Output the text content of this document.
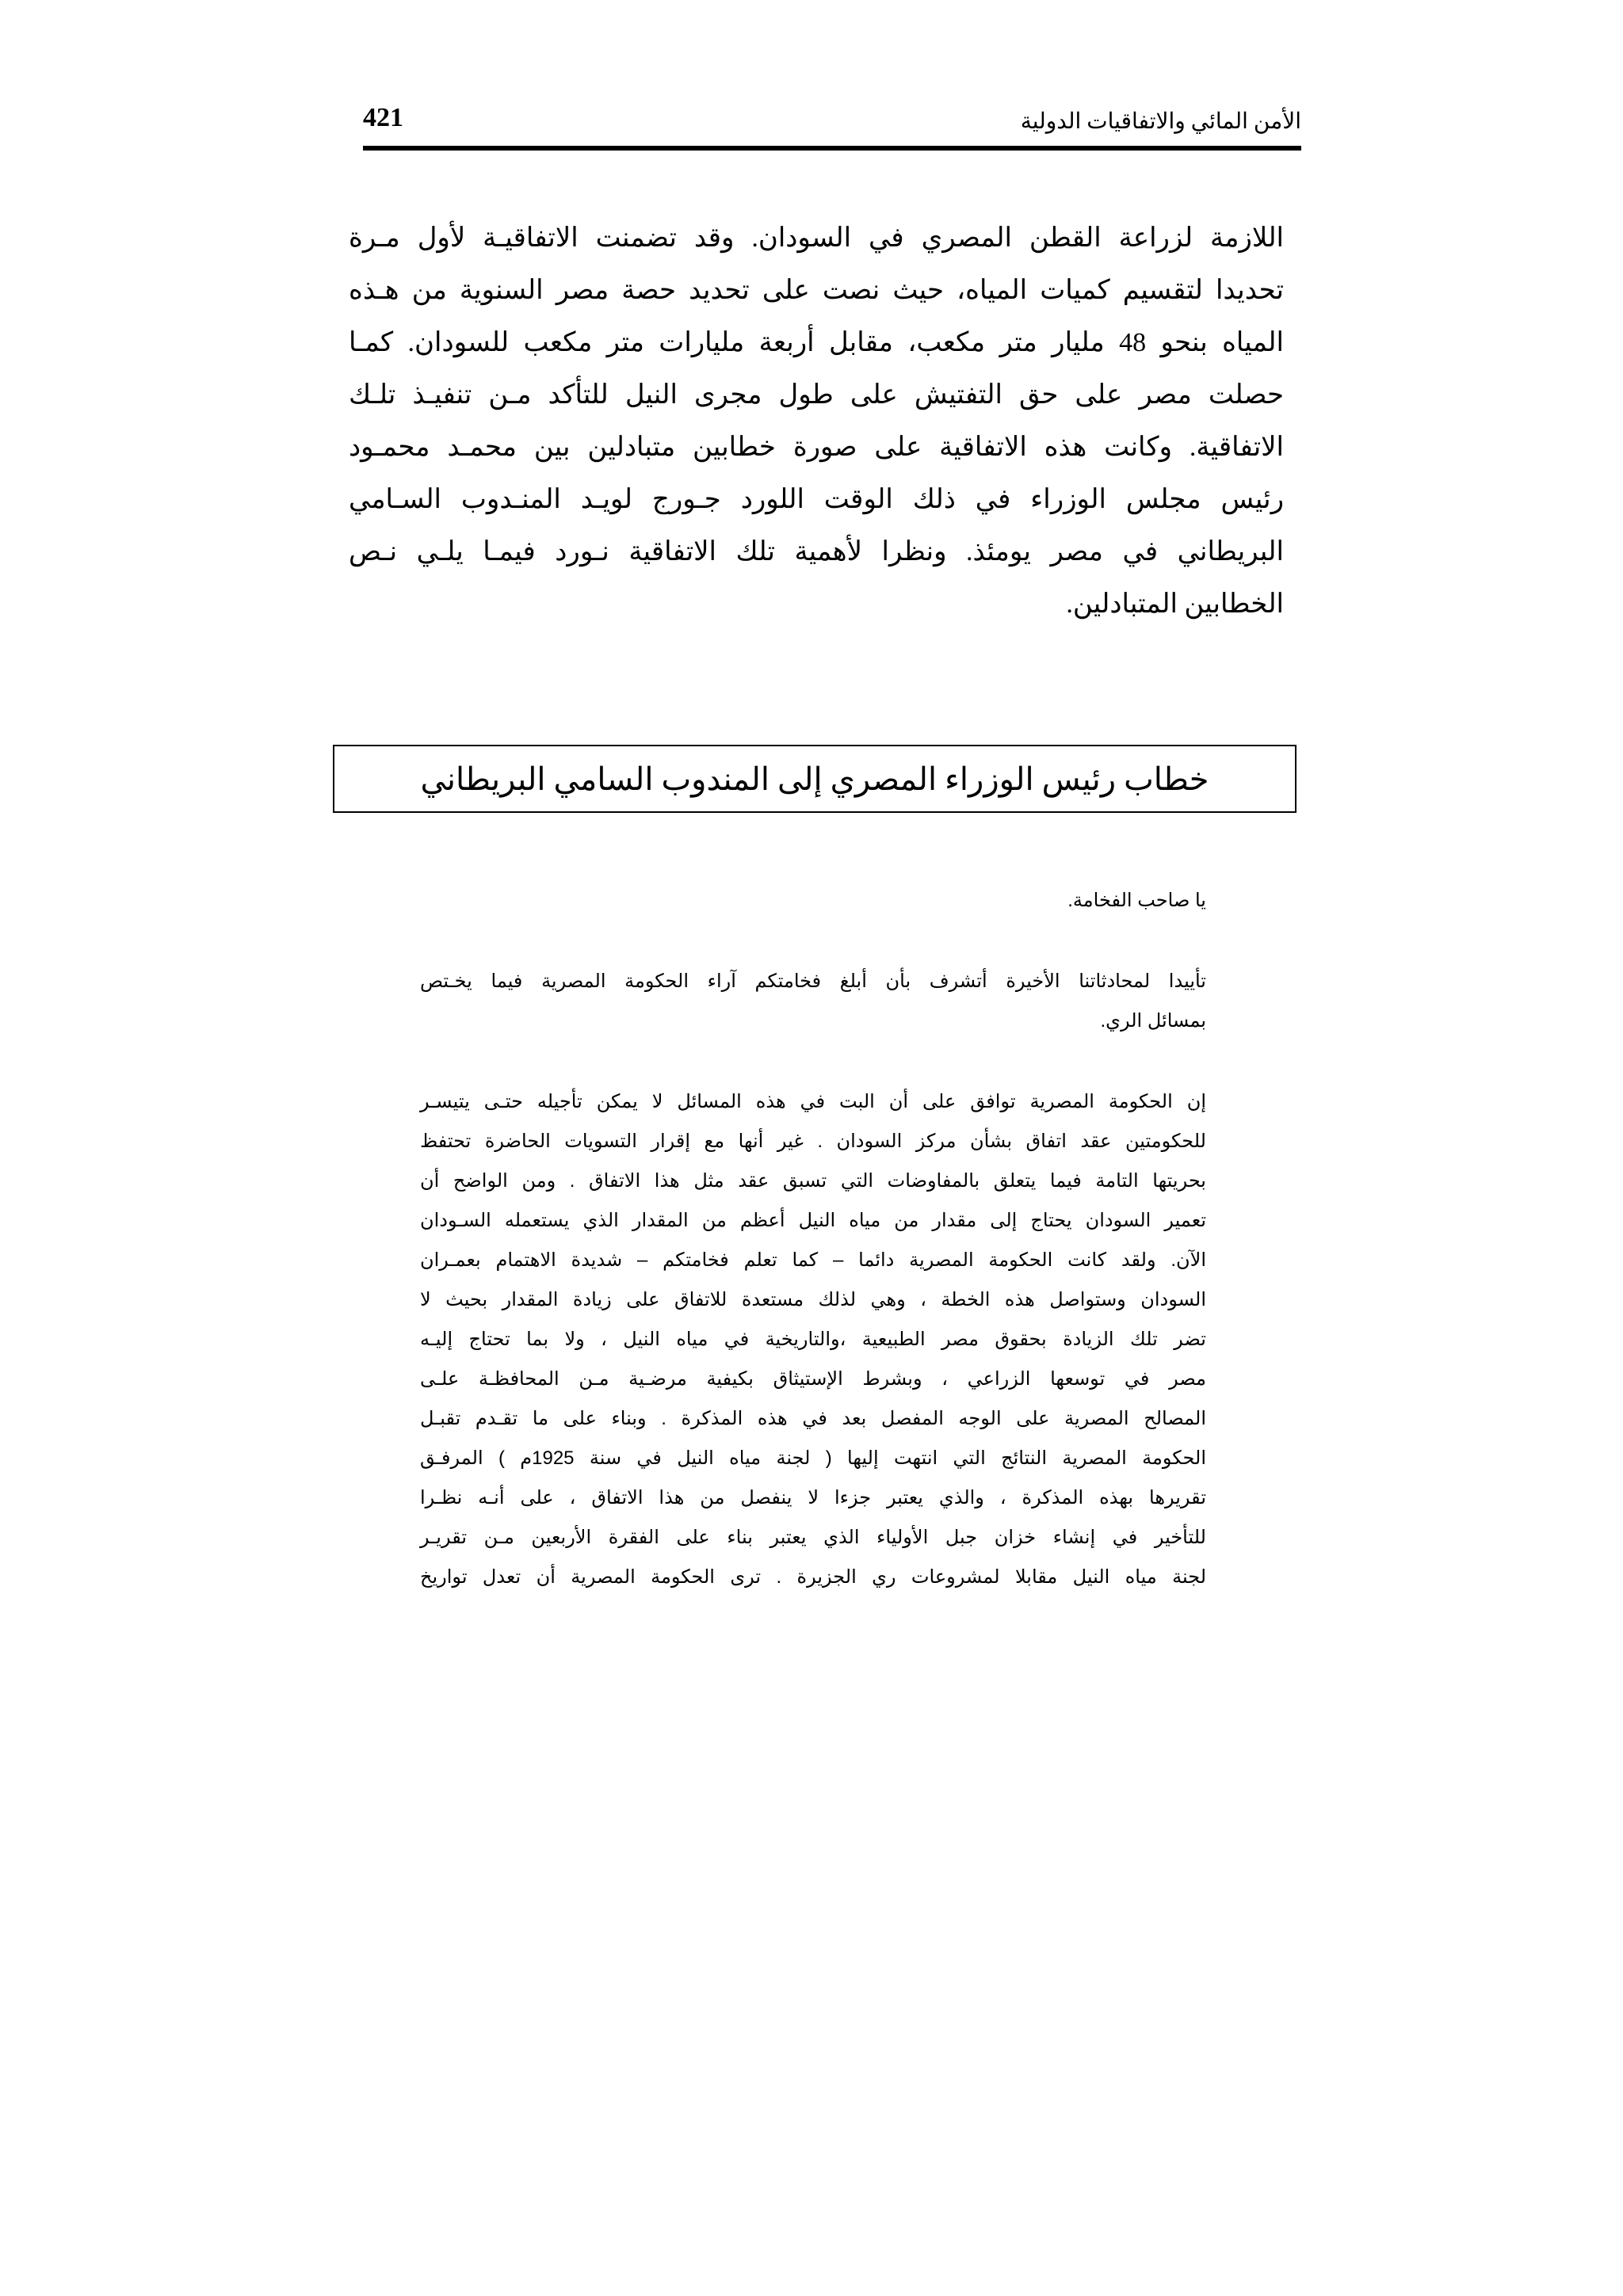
الأمن المائي والاتفاقيات الدولية
421
اللازمة لزراعة القطن المصري في السودان. وقد تضمنت الاتفاقيـة لأول مـرة
تحديدا لتقسيم كميات المياه، حيث نصت على تحديد حصة مصر السنوية من هـذه
المياه بنحو 48 مليار متر مكعب، مقابل أربعة مليارات متر مكعب للسودان. كمـا
حصلت مصر على حق التفتيش على طول مجرى النيل للتأكد مـن تنفيـذ تلـك
الاتفاقية. وكانت هذه الاتفاقية على صورة خطابين متبادلين بين محمـد محمـود
رئيس مجلس الوزراء في ذلك الوقت اللورد جـورج لويـد المنـدوب السـامي
البريطاني في مصر يومئذ. ونظرا لأهمية تلك الاتفاقية نـورد فيمـا يلـي نـص
الخطابين المتبادلين.
خطاب رئيس الوزراء المصري إلى المندوب السامي البريطاني
يا صاحب الفخامة.
تأييدا لمحادثاتنا الأخيرة أتشرف بأن أبلغ فخامتكم آراء الحكومة المصرية فيما يخـتص
بمسائل الري.
إن الحكومة المصرية توافق على أن البت في هذه المسائل لا يمكن تأجيله حتـى يتيسـر
للحكومتين عقد اتفاق بشأن مركز السودان . غير أنها مع إقرار التسويات الحاضرة تحتفظ
بحريتها التامة فيما يتعلق بالمفاوضات التي تسبق عقد مثل هذا الاتفاق . ومن الواضح أن
تعمير السودان يحتاج إلى مقدار من مياه النيل أعظم من المقدار الذي يستعمله السـودان
الآن. ولقد كانت الحكومة المصرية دائما – كما تعلم فخامتكم – شديدة الاهتمام بعمـران
السودان وستواصل هذه الخطة ، وهي لذلك مستعدة للاتفاق على زيادة المقدار بحيث لا
تضر تلك الزيادة بحقوق مصر الطبيعية ،والتاريخية في مياه النيل ، ولا بما تحتاج إليـه
مصر في توسعها الزراعي ، وبشرط الإستيثاق بكيفية مرضـية مـن المحافظـة علـى
المصالح المصرية على الوجه المفصل بعد في هذه المذكرة . وبناء على ما تقـدم تقبـل
الحكومة المصرية النتائج التي انتهت إليها ( لجنة مياه النيل في سنة 1925م ) المرفـق
تقريرها بهذه المذكرة ، والذي يعتبر جزءا لا ينفصل من هذا الاتفاق ، على أنـه نظـرا
للتأخير في إنشاء خزان جبل الأولياء الذي يعتبر بناء على الفقرة الأربعين مـن تقريـر
لجنة مياه النيل مقابلا لمشروعات ري الجزيرة . ترى الحكومة المصرية أن تعدل تواريخ
